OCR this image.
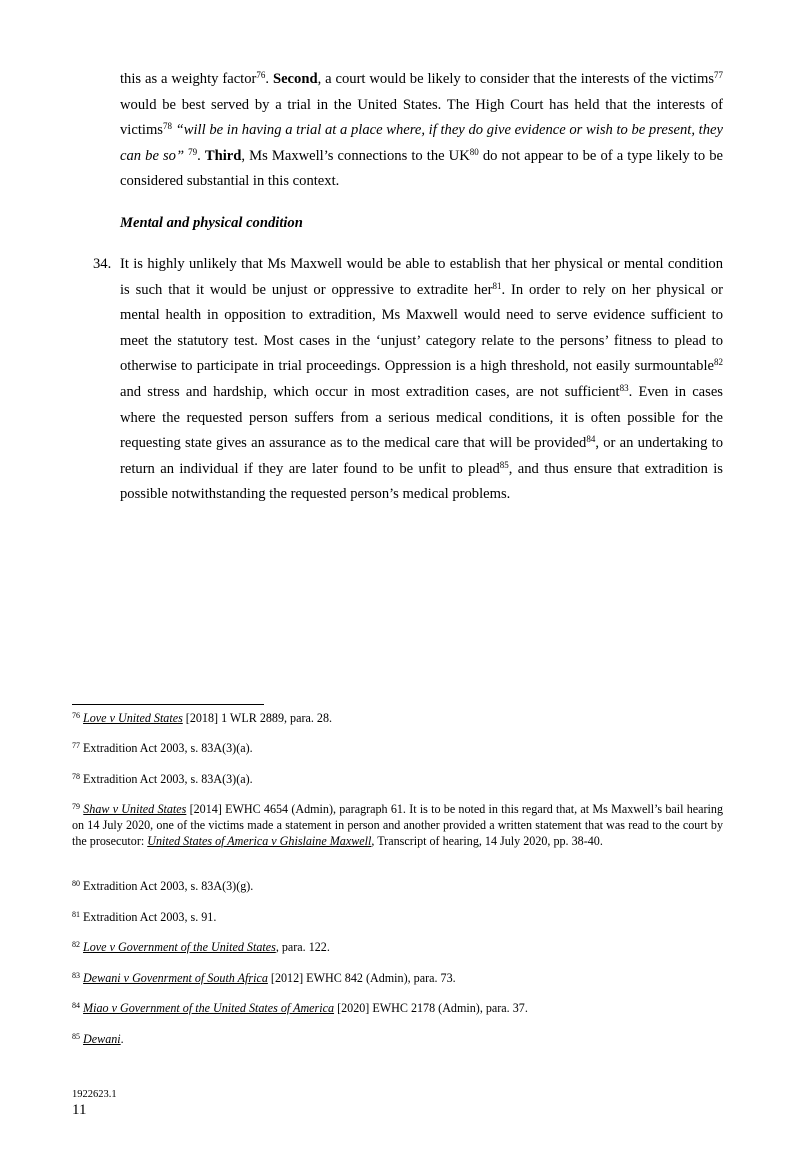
this as a weighty factor$^{76}$. Second, a court would be likely to consider that the interests of the victims$^{77}$ would be best served by a trial in the United States. The High Court has held that the interests of victims$^{78}$ “will be in having a trial at a place where, if they do give evidence or wish to be present, they can be so” $^{79}$. Third, Ms Maxwell’s connections to the UK$^{80}$ do not appear to be of a type likely to be considered substantial in this context.

Mental and physical condition

34. It is highly unlikely that Ms Maxwell would be able to establish that her physical or mental condition is such that it would be unjust or oppressive to extradite her$^{81}$. In order to rely on her physical or mental health in opposition to extradition, Ms Maxwell would need to serve evidence sufficient to meet the statutory test. Most cases in the ‘unjust’ category relate to the persons’ fitness to plead to otherwise to participate in trial proceedings. Oppression is a high threshold, not easily surmountable$^{82}$ and stress and hardship, which occur in most extradition cases, are not sufficient$^{83}$. Even in cases where the requested person suffers from a serious medical conditions, it is often possible for the requesting state gives an assurance as to the medical care that will be provided$^{84}$, or an undertaking to return an individual if they are later found to be unfit to plead$^{85}$, and thus ensure that extradition is possible notwithstanding the requested person’s medical problems.

$^{76}$ Love v United States [2018] 1 WLR 2889, para. 28.

$^{77}$ Extradition Act 2003, s. 83A(3)(a).

$^{78}$ Extradition Act 2003, s. 83A(3)(a).

$^{79}$ Shaw v United States [2014] EWHC 4654 (Admin), paragraph 61. It is to be noted in this regard that, at Ms Maxwell’s bail hearing on 14 July 2020, one of the victims made a statement in person and another provided a written statement that was read to the court by the prosecutor: United States of America v Ghislaine Maxwell, Transcript of hearing, 14 July 2020, pp. 38-40.

$^{80}$ Extradition Act 2003, s. 83A(3)(g).

$^{81}$ Extradition Act 2003, s. 91.

$^{82}$ Love v Government of the United States, para. 122.

$^{83}$ Dewani v Govenrment of South Africa [2012] EWHC 842 (Admin), para. 73.

$^{84}$ Miao v Government of the United States of America [2020] EWHC 2178 (Admin), para. 37.

$^{85}$ Dewani.

1922623.1

11
